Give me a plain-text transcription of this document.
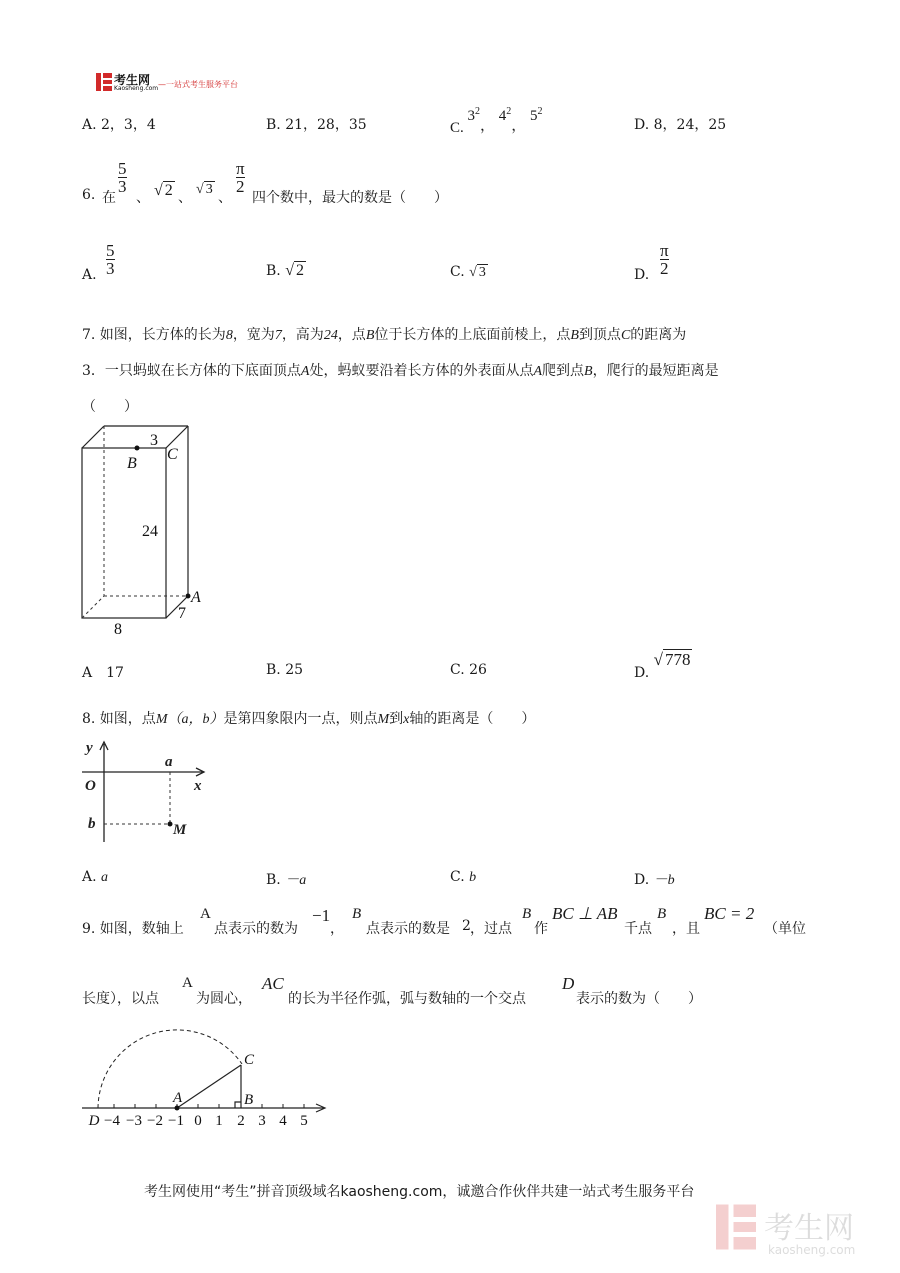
考生网
Kaosheng.com —一站式考生服务平台
A. 2，3，4	B. 21，28，35	C. $3^2$， $4^2$， $5^2$
D. 8，24，25
6. 在
5
3
、 √ 2 、
√ 3
、
π
2
四个数中，最大的数是（　　）
A.
5
3	B. √ 2	C. √ 3	D.
π
2
7. 如图，长方体的长为8，宽为7，高为24，点B位于长方体的上底面前棱上，点B到顶点C的距离为
3．一只蚂蚁在长方体的下底面顶点A处，蚂蚁要沿着长方体的外表面从点A爬到点B，爬行的最短距离是
（　　）
3
B
C
24
A
7
8
A　17	B. 25	C. 26	D. √ 778
8. 如图，点M（a，b）是第四象限内一点，则点M到x轴的距离是（　　）
y
a
O	x
b	M
A. a	B. －a	C. b	D. －b
9. 如图，数轴上
A
点表示的数为
−1
，
B
点表示的数是 2 ，过点
B
作
BC ⊥ AB
千点
B
，且
BC = 2
（单位
长度），以点
A
为圆心，
AC
的长为半径作弧，弧与数轴的一个交点
D
表示的数为（　　）
C
A	B
D −4 −3 −2 −1 0 1 2 3 4 5
考生网使用“考生”拼音顶级域名kaosheng.com，诚邀合作伙伴共建一站式考生服务平台
考生网
kaosheng.com
